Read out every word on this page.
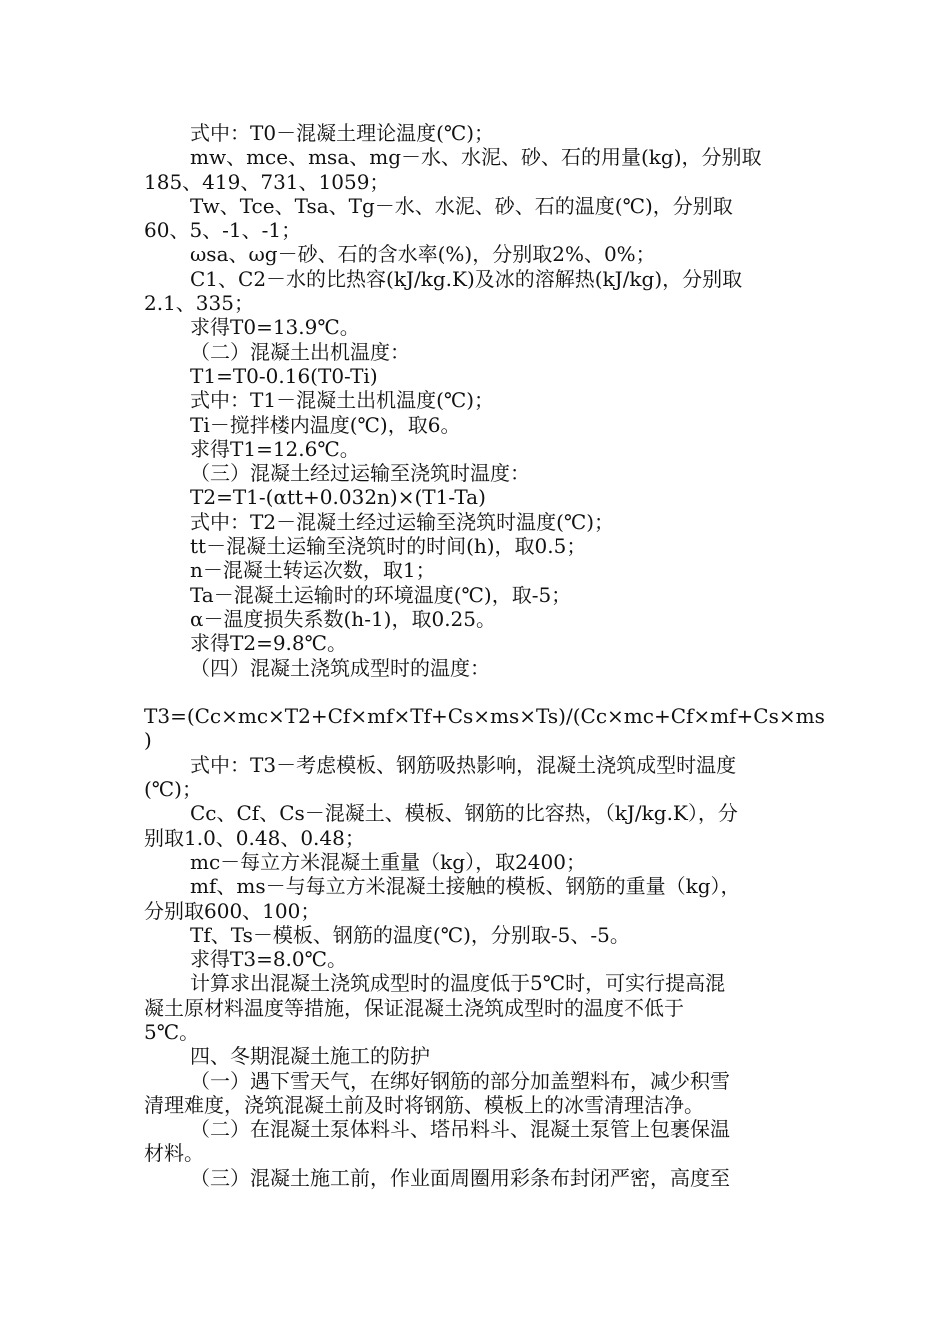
式中：T0－混凝土理论温度(℃)；
mw、mce、msa、mg－水、水泥、砂、石的用量(kg)，分别取
185、419、731、1059；
Tw、Tce、Tsa、Tg－水、水泥、砂、石的温度(℃)，分别取
60、5、-1、-1；
ωsa、ωg－砂、石的含水率(%)，分别取2%、0%；
C1、C2－水的比热容(kJ/kg.K)及冰的溶解热(kJ/kg)，分别取
2.1、335；
求得T0=13.9℃。
（二）混凝土出机温度：
T1=T0-0.16(T0-Ti)
式中：T1－混凝土出机温度(℃)；
Ti－搅拌楼内温度(℃)，取6。
求得T1=12.6℃。
（三）混凝土经过运输至浇筑时温度：
T2=T1-(αtt+0.032n)×(T1-Ta)
式中：T2－混凝土经过运输至浇筑时温度(℃)；
tt－混凝土运输至浇筑时的时间(h)，取0.5；
n－混凝土转运次数，取1；
Ta－混凝土运输时的环境温度(℃)，取-5；
α－温度损失系数(h-1)，取0.25。
求得T2=9.8℃。
（四）混凝土浇筑成型时的温度：
T3=(Cc×mc×T2+Cf×mf×Tf+Cs×ms×Ts)/(Cc×mc+Cf×mf+Cs×ms
)
式中：T3－考虑模板、钢筋吸热影响，混凝土浇筑成型时温度
(℃)；
Cc、Cf、Cs－混凝土、模板、钢筋的比容热，（kJ/kg.K），分
别取1.0、0.48、0.48；
mc－每立方米混凝土重量（kg），取2400；
mf、ms－与每立方米混凝土接触的模板、钢筋的重量（kg），
分别取600、100；
Tf、Ts－模板、钢筋的温度(℃)，分别取-5、-5。
求得T3=8.0℃。
计算求出混凝土浇筑成型时的温度低于5℃时，可实行提高混
凝土原材料温度等措施，保证混凝土浇筑成型时的温度不低于
5℃。
四、冬期混凝土施工的防护
（一）遇下雪天气，在绑好钢筋的部分加盖塑料布，减少积雪
清理难度，浇筑混凝土前及时将钢筋、模板上的冰雪清理洁净。
（二）在混凝土泵体料斗、塔吊料斗、混凝土泵管上包裹保温
材料。
（三）混凝土施工前，作业面周圈用彩条布封闭严密，高度至
